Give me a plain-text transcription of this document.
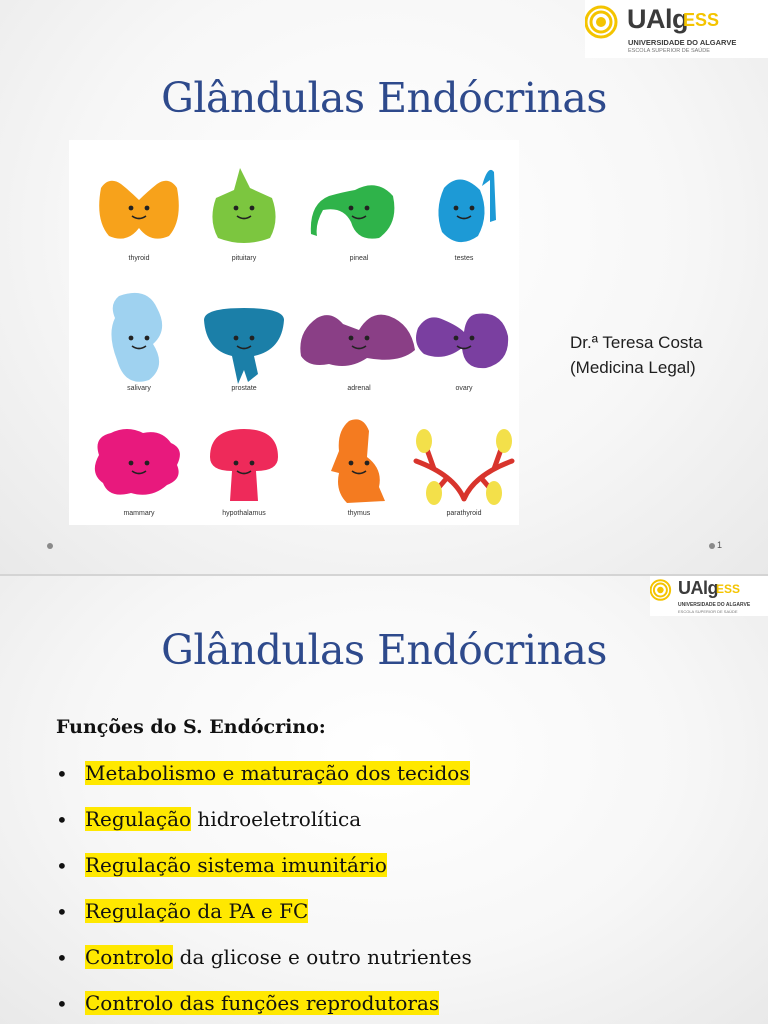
UAlg
ESS
UNIVERSIDADE DO ALGARVE
ESCOLA SUPERIOR DE SAÚDE
Glândulas Endócrinas
thyroid	pituitary	pineal	testes
salivary	prostate	adrenal	ovary
mammary	hypothalamus	thymus	parathyroid
Dr.ª Teresa Costa
(Medicina Legal)
1
UAlg
ESS
UNIVERSIDADE DO ALGARVE
ESCOLA SUPERIOR DE SAÚDE
Glândulas Endócrinas

Funções do S. Endócrino:

• Metabolismo e maturação dos tecidos
• Regulação hidroeletrolítica
• Regulação sistema imunitário
• Regulação da PA e FC
• Controlo da glicose e outro nutrientes
• Controlo das funções reprodutoras
